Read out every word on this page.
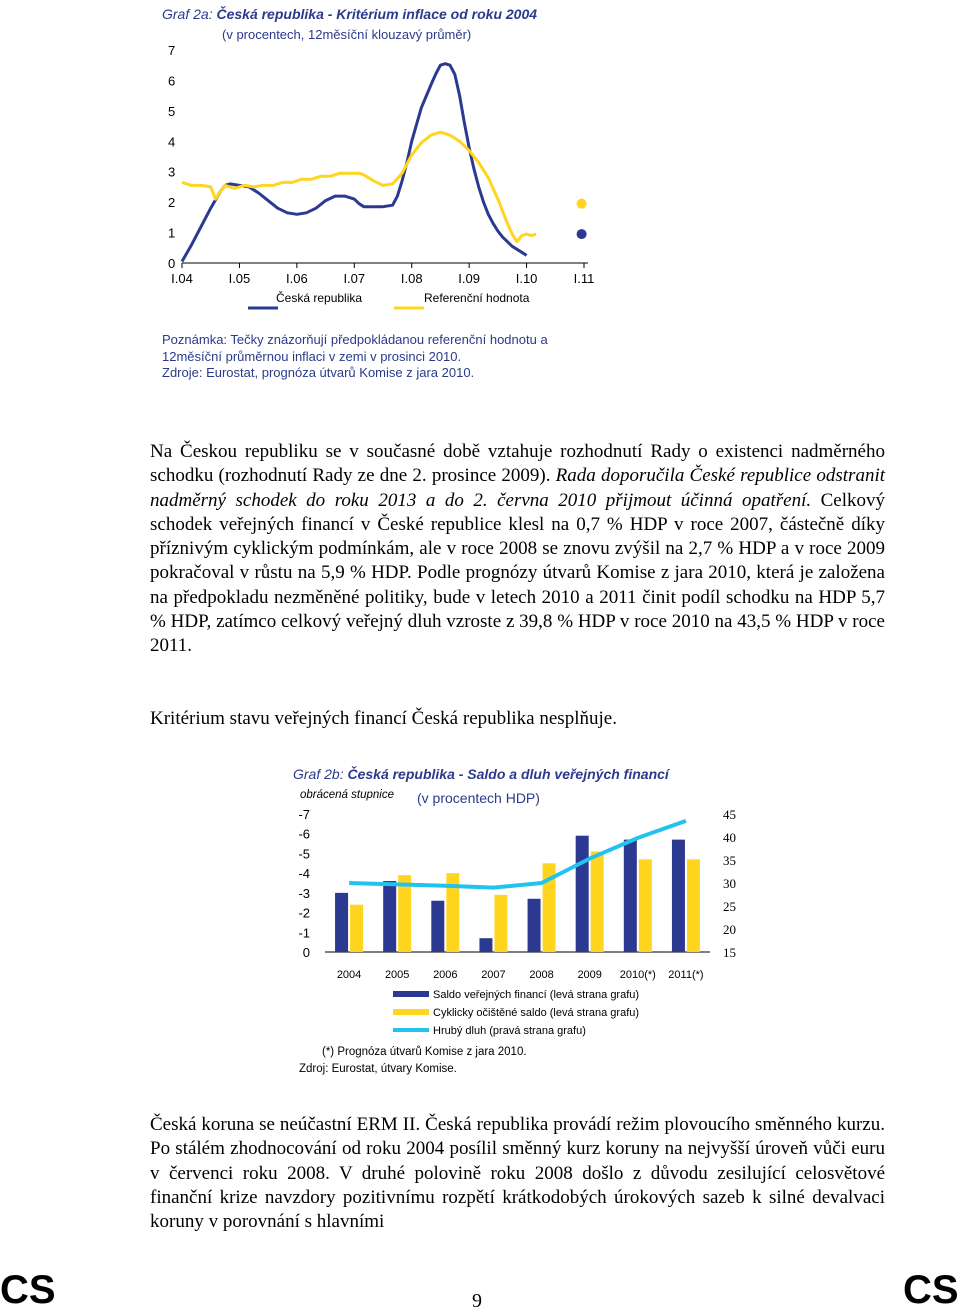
Graf 2a: Česká republika - Kritérium inflace od roku 2004
(v procentech, 12měsíční klouzavý průměr)
0
1
2
3
4
5
6
7
I.04	I.05	I.06	I.07	I.08	I.09	I.10	I.11
Česká republika	Referenční hodnota
Poznámka: Tečky znázorňují předpokládanou referenční hodnotu a
12měsíční průměrnou inflaci v zemi v prosinci 2010.
Zdroje: Eurostat, prognóza útvarů Komise z jara 2010.

Na Českou republiku se v současné době vztahuje rozhodnutí Rady o existenci nadměrného schodku (rozhodnutí Rady ze dne 2. prosince 2009). Rada doporučila České republice odstranit nadměrný schodek do roku 2013 a do 2. června 2010 přijmout účinná opatření. Celkový schodek veřejných financí v České republice klesl na 0,7 % HDP v roce 2007, částečně díky příznivým cyklickým podmínkám, ale v roce 2008 se znovu zvýšil na 2,7 % HDP a v roce 2009 pokračoval v růstu na 5,9 % HDP. Podle prognózy útvarů Komise z jara 2010, která je založena na předpokladu nezměněné politiky, bude v letech 2010 a 2011 činit podíl schodku na HDP 5,7 % HDP, zatímco celkový veřejný dluh vzroste z 39,8 % HDP v roce 2010 na 43,5 % HDP v roce 2011.

Kritérium stavu veřejných financí Česká republika nesplňuje.
Graf 2b: Česká republika - Saldo a dluh veřejných financí
obrácená stupnice (v procentech HDP)
-7
-6
-5
-4
-3
-2
-1
0
45
40
35
30
25
20
15
2004 2005 2006 2007 2008 2009 2010(*) 2011(*)
Saldo veřejných financí (levá strana grafu)
Cyklicky očištěné saldo (levá strana grafu)
Hrubý dluh (pravá strana grafu)
(*) Prognóza útvarů Komise z jara 2010.
Zdroj: Eurostat, útvary Komise.
Česká koruna se neúčastní ERM II. Česká republika provádí režim plovoucího směnného kurzu. Po stálém zhodnocování od roku 2004 posílil směnný kurz koruny na nejvyšší úroveň vůči euru v červenci roku 2008. V druhé polovině roku 2008 došlo z důvodu zesilující celosvětové finanční krize navzdory pozitivnímu rozpětí krátkodobých úrokových sazeb k silné devalvaci koruny v porovnání s hlavními
CS	CS
9
